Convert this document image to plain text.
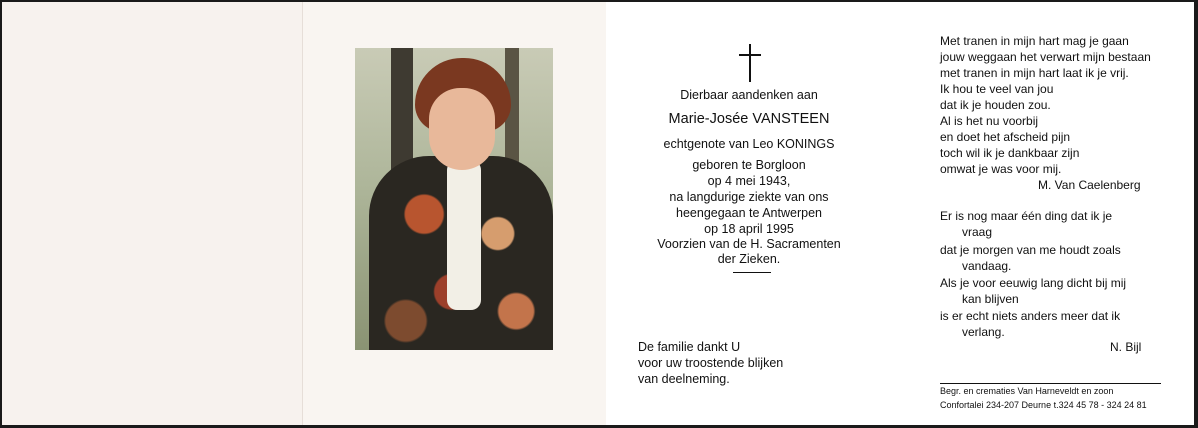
Dierbaar aandenken aan
Marie-Josée VANSTEEN
echtgenote van Leo KONINGS
geboren te Borgloon
op 4 mei 1943,
na langdurige ziekte van ons
heengegaan te Antwerpen
op 18 april 1995
Voorzien van de H. Sacramenten
der Zieken.
De familie dankt U
voor uw troostende blijken
van deelneming.
Met tranen in mijn hart mag je gaan
jouw weggaan het verwart mijn bestaan
met tranen in mijn hart laat ik je vrij.
Ik hou te veel van jou
dat ik je houden zou.
Al is het nu voorbij
en doet het afscheid pijn
toch wil ik je dankbaar zijn
omwat je was voor mij.
M. Van Caelenberg
Er is nog maar één ding dat ik je
vraag
dat je morgen van me houdt zoals
vandaag.
Als je voor eeuwig lang dicht bij mij
kan blijven
is er echt niets anders meer dat ik
verlang.
N. Bijl
Begr. en crematies Van Harneveldt en zoon
Confortalei 234-207 Deurne t.324 45 78 - 324 24 81
